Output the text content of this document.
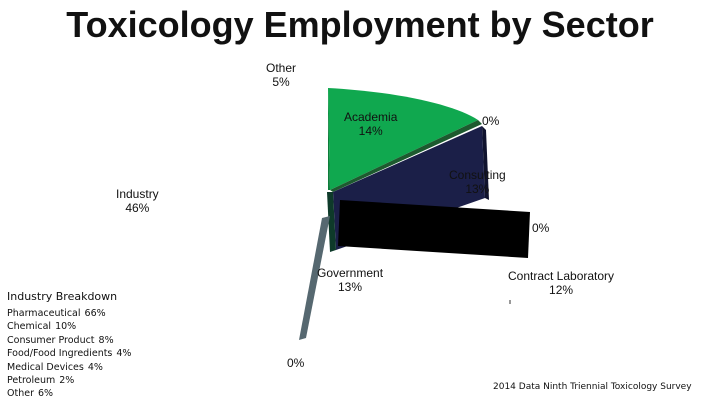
Toxicology Employment by Sector
Other
5%
Academia
14%
0%
Consulting
13%
Industry
46%
0%
Government
13%
Contract Laboratory
12%
0%
Industry Breakdown
Pharmaceutical 66%
Chemical 10%
Consumer Product 8%
Food/Food Ingredients 4%
Medical Devices 4%
Petroleum 2%
Other 6%
2014 Data Ninth Triennial Toxicology Survey
